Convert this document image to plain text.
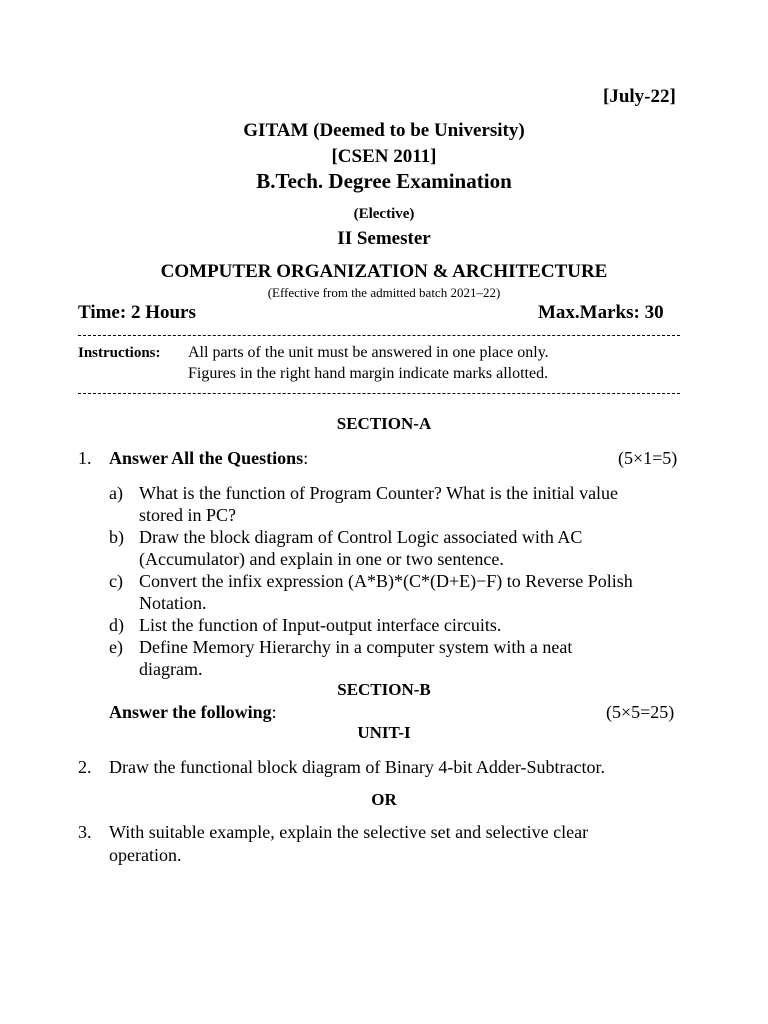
[July-22]
GITAM (Deemed to be University)
[CSEN 2011]
B.Tech. Degree Examination
(Elective)
II Semester
COMPUTER ORGANIZATION & ARCHITECTURE
(Effective from the admitted batch 2021–22)
Time: 2 Hours	Max.Marks: 30
Instructions: All parts of the unit must be answered in one place only.
Figures in the right hand margin indicate marks allotted.
SECTION-A
1. Answer All the Questions:	(5×1=5)
a) What is the function of Program Counter? What is the initial value
stored in PC?
b) Draw the block diagram of Control Logic associated with AC
(Accumulator) and explain in one or two sentence.
c) Convert the infix expression (A*B)*(C*(D+E)−F) to Reverse Polish
Notation.
d) List the function of Input-output interface circuits.
e) Define Memory Hierarchy in a computer system with a neat
diagram.
SECTION-B
Answer the following:	(5×5=25)
UNIT-I
2. Draw the functional block diagram of Binary 4-bit Adder-Subtractor.
OR
3. With suitable example, explain the selective set and selective clear
operation.
